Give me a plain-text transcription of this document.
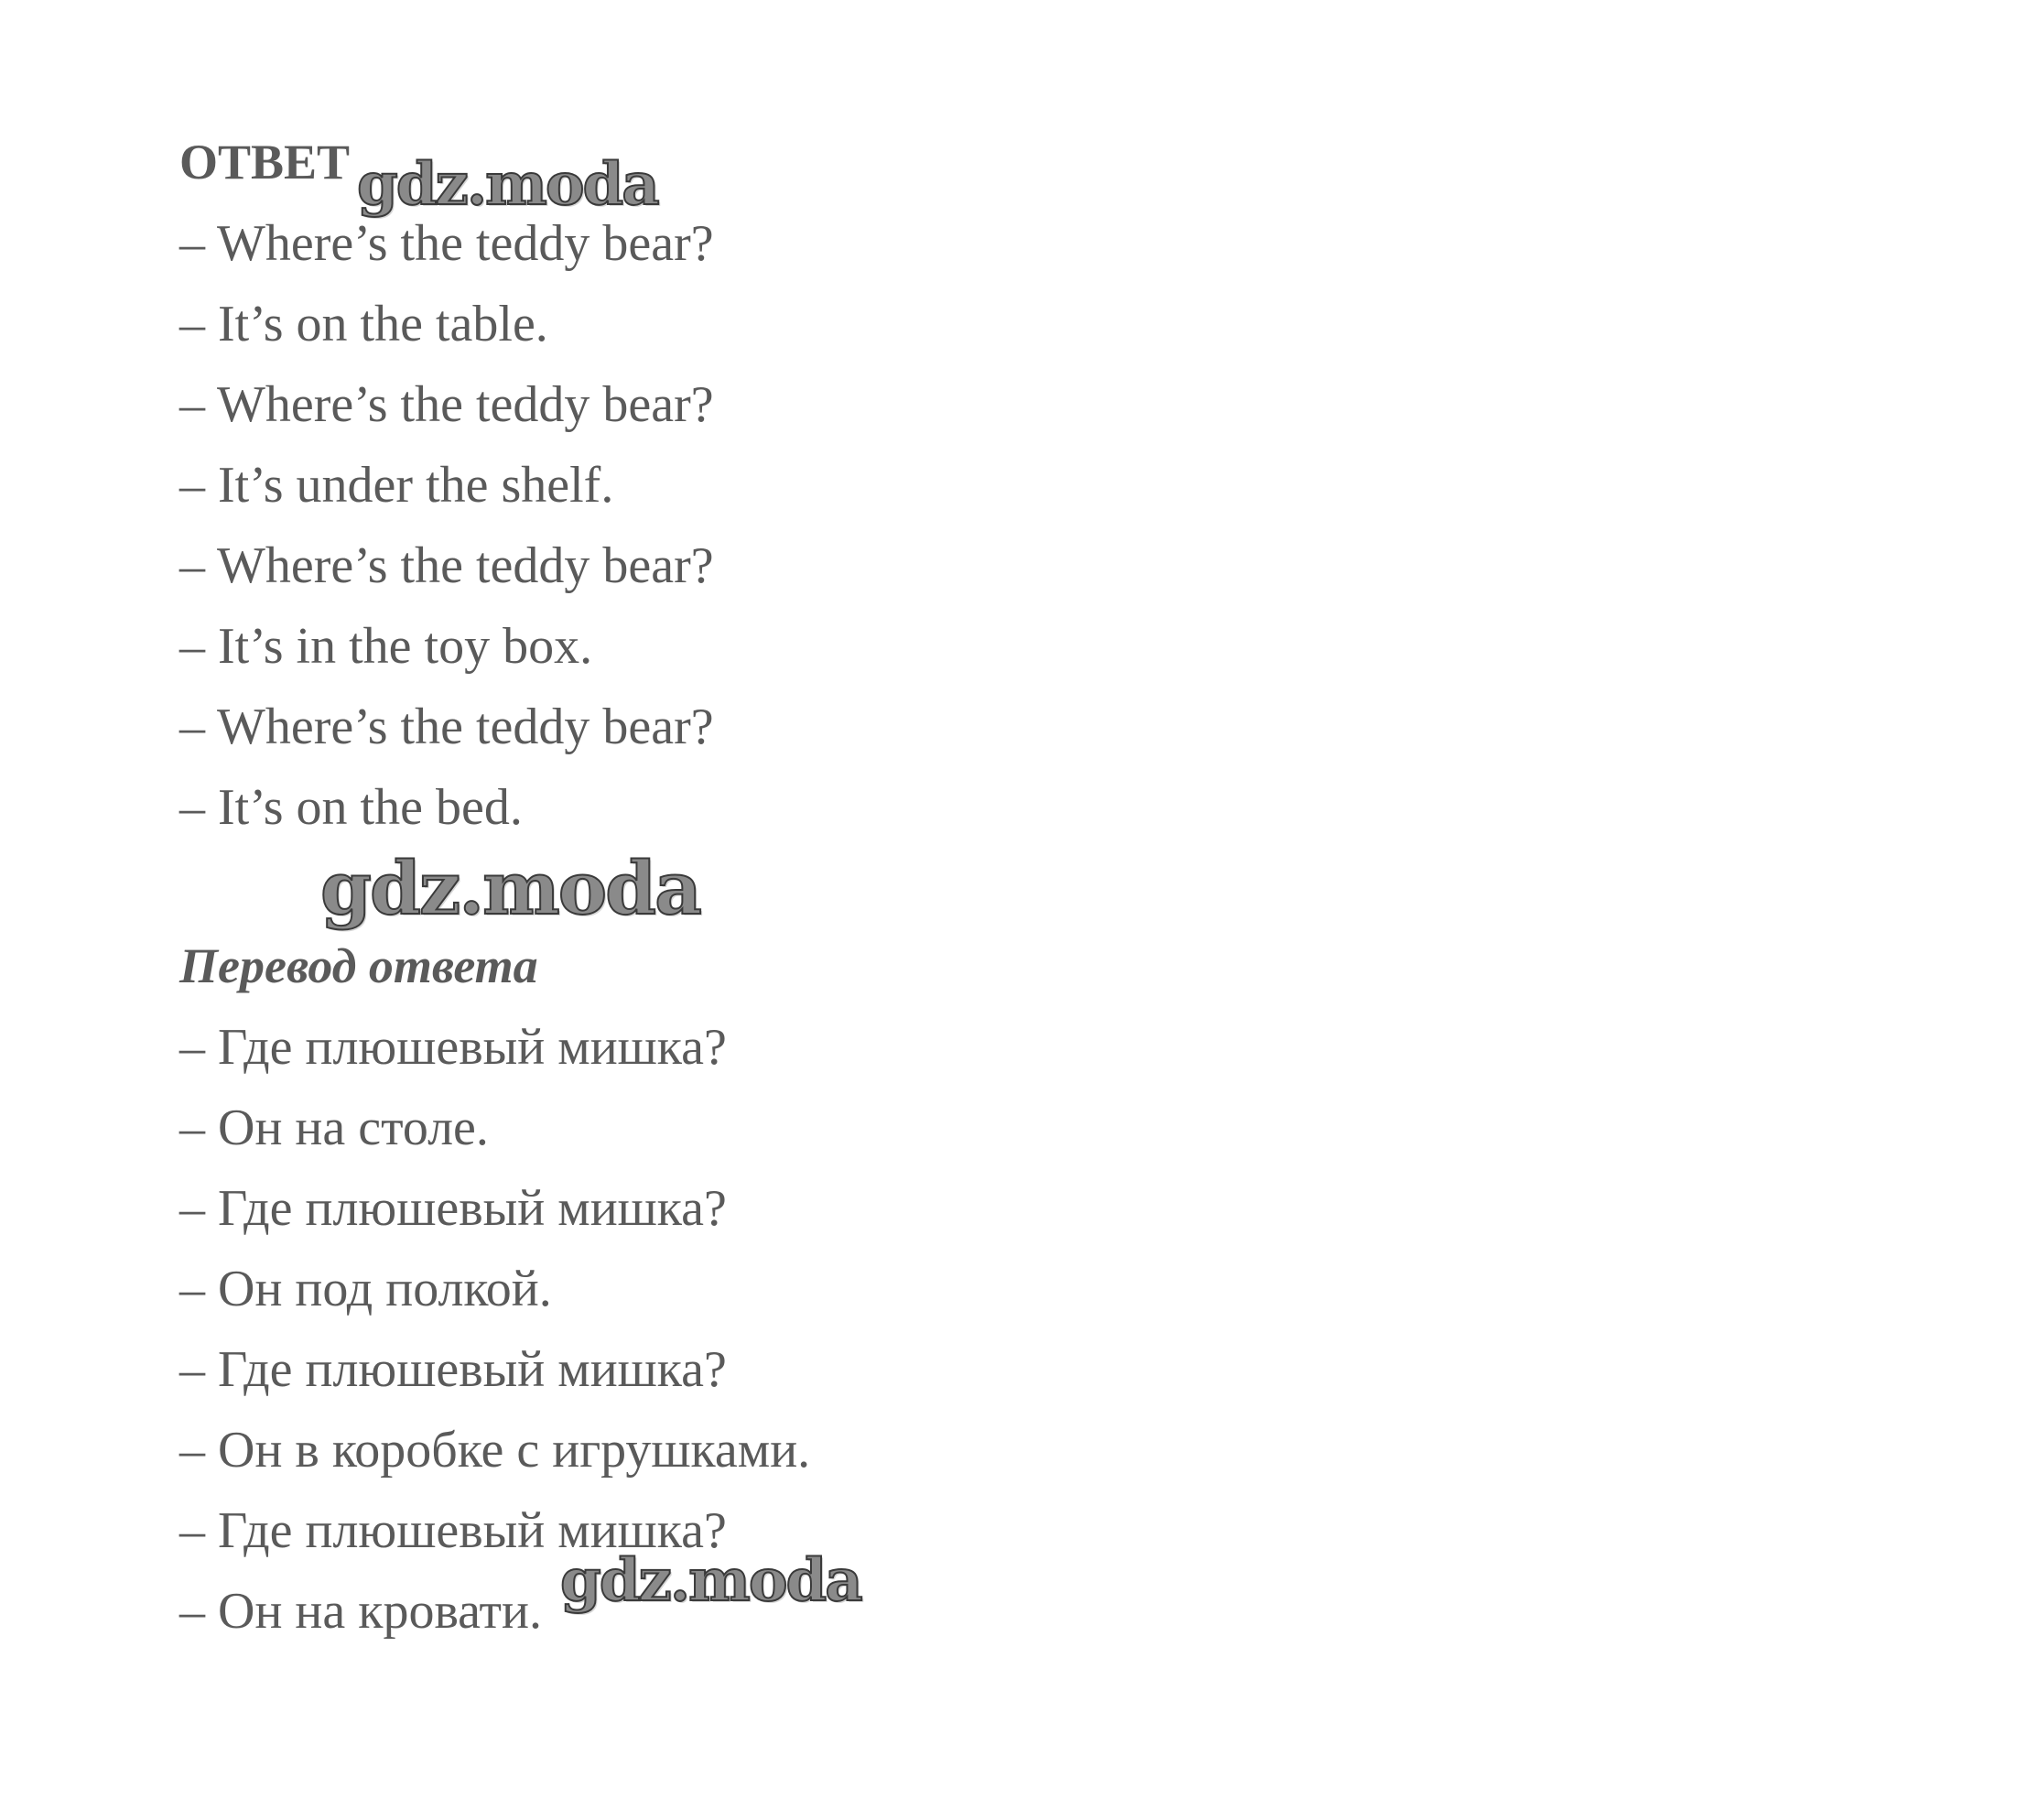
ОТВЕТ
– Where’s the teddy bear?
– It’s on the table.
– Where’s the teddy bear?
– It’s under the shelf.
– Where’s the teddy bear?
– It’s in the toy box.
– Where’s the teddy bear?
– It’s on the bed.
Перевод ответа
– Где плюшевый мишка?
– Он на столе.
– Где плюшевый мишка?
– Он под полкой.
– Где плюшевый мишка?
– Он в коробке с игрушками.
– Где плюшевый мишка?
– Он на кровати.
gdz.moda
gdz.moda
gdz.moda
